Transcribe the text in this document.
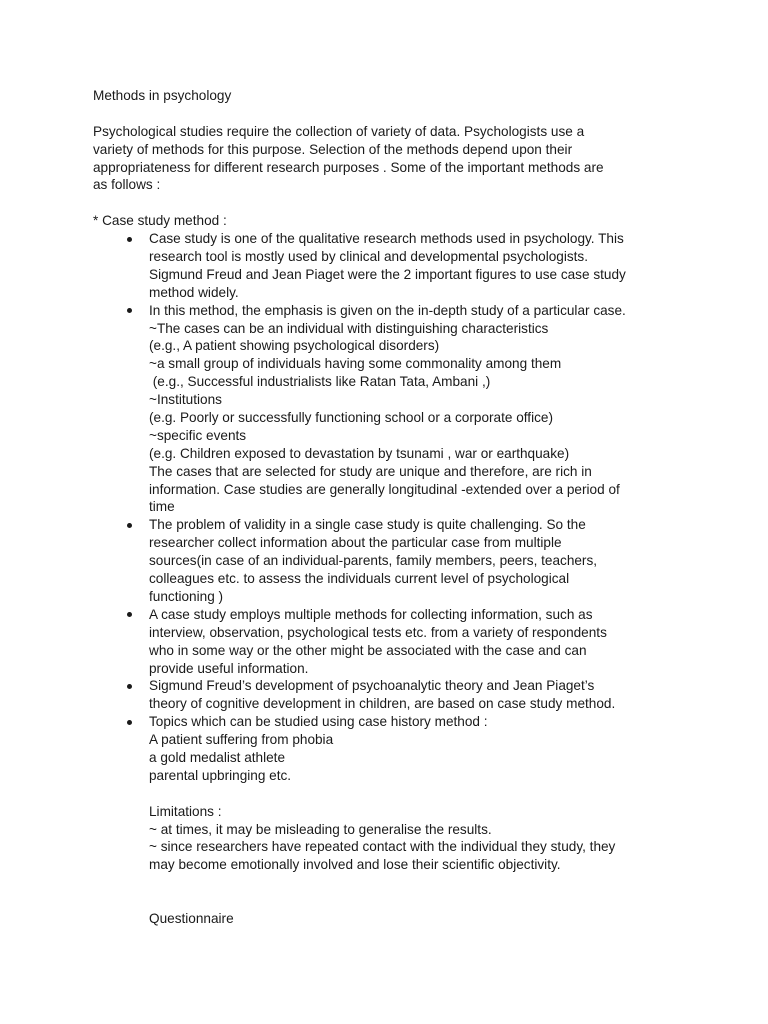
Methods in psychology
Psychological studies require the collection of variety of data. Psychologists use a
variety of methods for this purpose. Selection of the methods depend upon their
appropriateness for different research purposes . Some of the important methods are
as follows :
* Case study method :
Case study is one of the qualitative research methods used in psychology. This
research tool is mostly used by clinical and developmental psychologists.
Sigmund Freud and Jean Piaget were the 2 important figures to use case study
method widely.
In this method, the emphasis is given on the in-depth study of a particular case.
~The cases can be an individual with distinguishing characteristics
(e.g., A patient showing psychological disorders)
~a small group of individuals having some commonality among them
(e.g., Successful industrialists like Ratan Tata, Ambani ,)
~Institutions
(e.g. Poorly or successfully functioning school or a corporate office)
~specific events
(e.g. Children exposed to devastation by tsunami , war or earthquake)
The cases that are selected for study are unique and therefore, are rich in
information. Case studies are generally longitudinal -extended over a period of
time
The problem of validity in a single case study is quite challenging. So the
researcher collect information about the particular case from multiple
sources(in case of an individual-parents, family members, peers, teachers,
colleagues etc. to assess the individuals current level of psychological
functioning )
A case study employs multiple methods for collecting information, such as
interview, observation, psychological tests etc. from a variety of respondents
who in some way or the other might be associated with the case and can
provide useful information.
Sigmund Freud’s development of psychoanalytic theory and Jean Piaget’s
theory of cognitive development in children, are based on case study method.
Topics which can be studied using case history method :
A patient suffering from phobia
a gold medalist athlete
parental upbringing etc.
Limitations :
~ at times, it may be misleading to generalise the results.
~ since researchers have repeated contact with the individual they study, they
may become emotionally involved and lose their scientific objectivity.
Questionnaire
